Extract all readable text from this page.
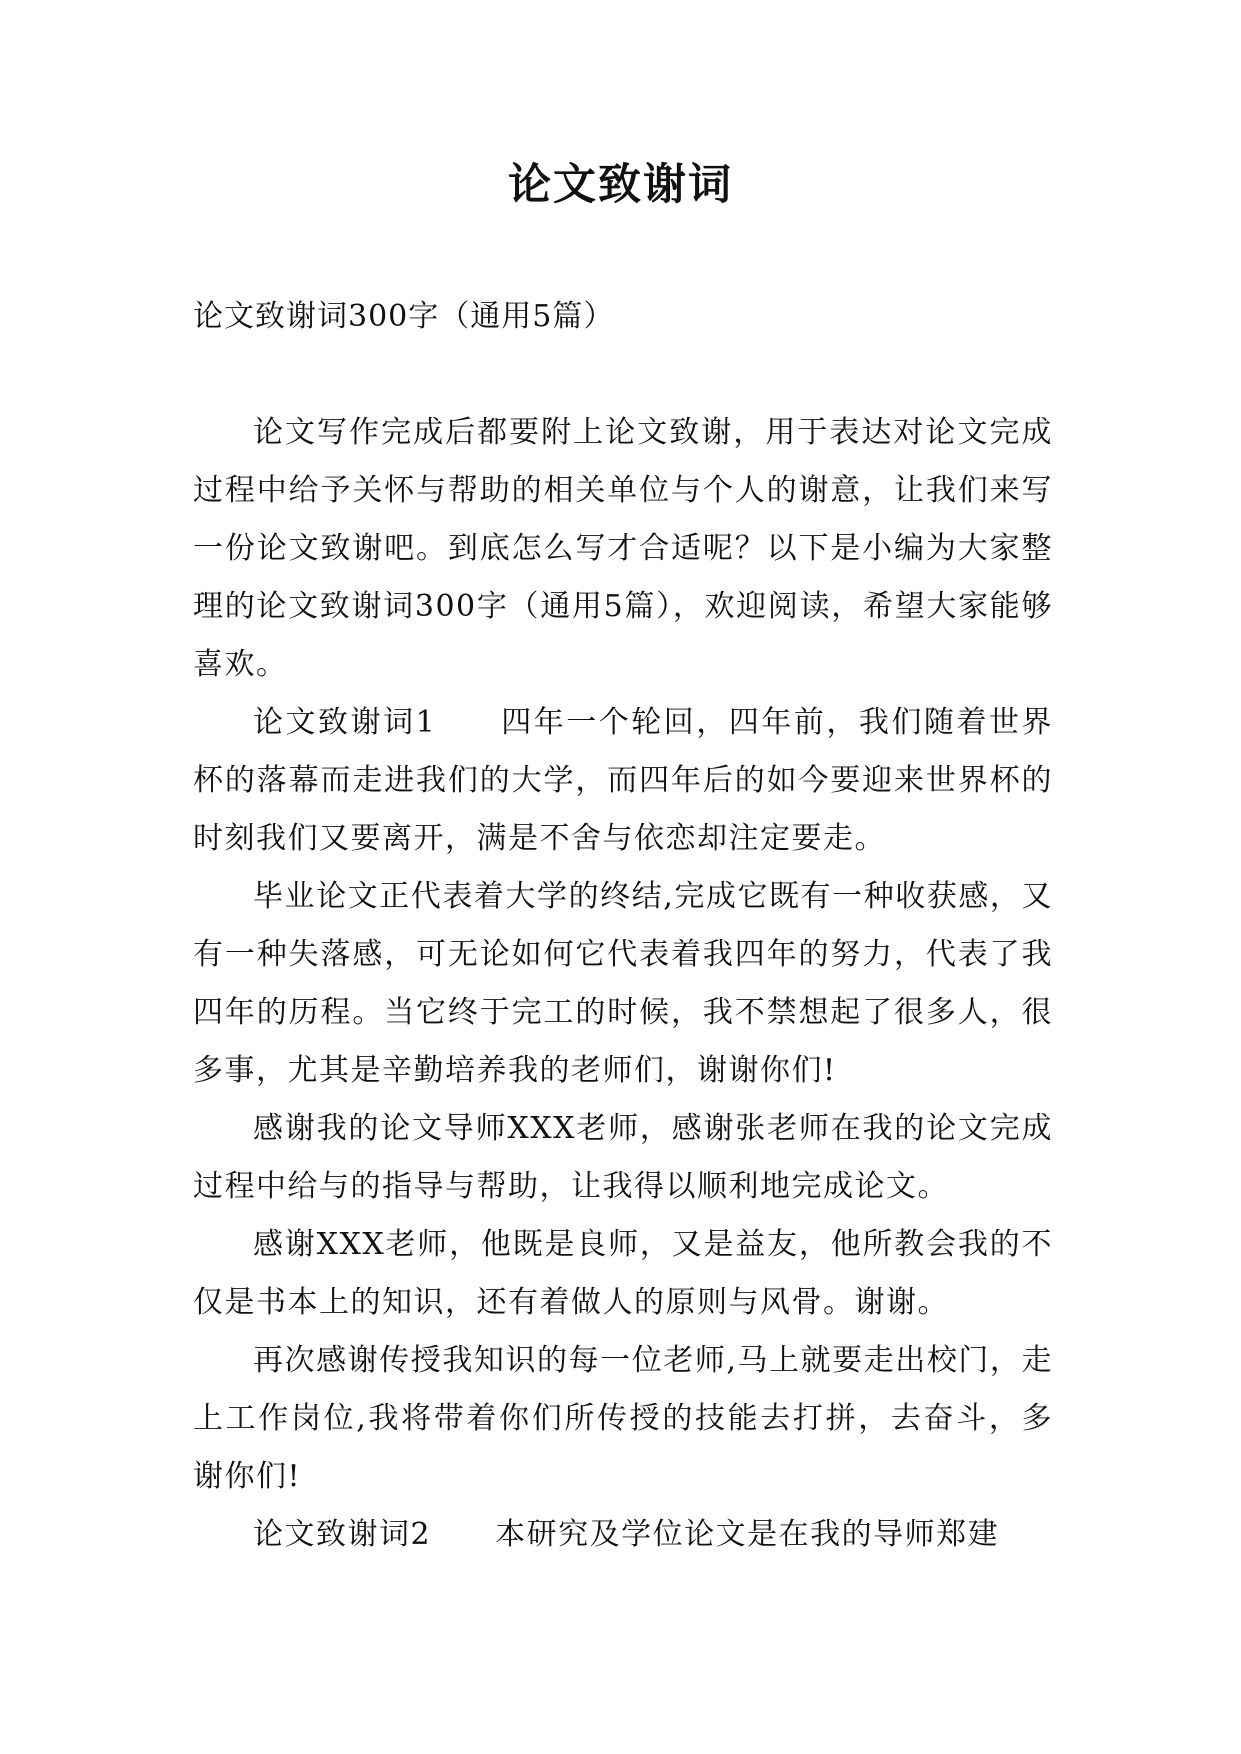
论文致谢词
论文致谢词300字（通用5篇）

论文写作完成后都要附上论文致谢，用于表达对论文完成过程中给予关怀与帮助的相关单位与个人的谢意，让我们来写一份论文致谢吧。到底怎么写才合适呢？以下是小编为大家整理的论文致谢词300字（通用5篇），欢迎阅读，希望大家能够喜欢。

论文致谢词1 四年一个轮回，四年前，我们随着世界杯的落幕而走进我们的大学，而四年后的如今要迎来世界杯的时刻我们又要离开，满是不舍与依恋却注定要走。

毕业论文正代表着大学的终结,完成它既有一种收获感，又有一种失落感，可无论如何它代表着我四年的努力，代表了我四年的历程。当它终于完工的时候，我不禁想起了很多人，很多事，尤其是辛勤培养我的老师们，谢谢你们!

感谢我的论文导师XXX老师，感谢张老师在我的论文完成过程中给与的指导与帮助，让我得以顺利地完成论文。

感谢XXX老师，他既是良师，又是益友，他所教会我的不仅是书本上的知识，还有着做人的原则与风骨。谢谢。

再次感谢传授我知识的每一位老师,马上就要走出校门，走上工作岗位,我将带着你们所传授的技能去打拼，去奋斗，多谢你们!

论文致谢词2 本研究及学位论文是在我的导师郑建
